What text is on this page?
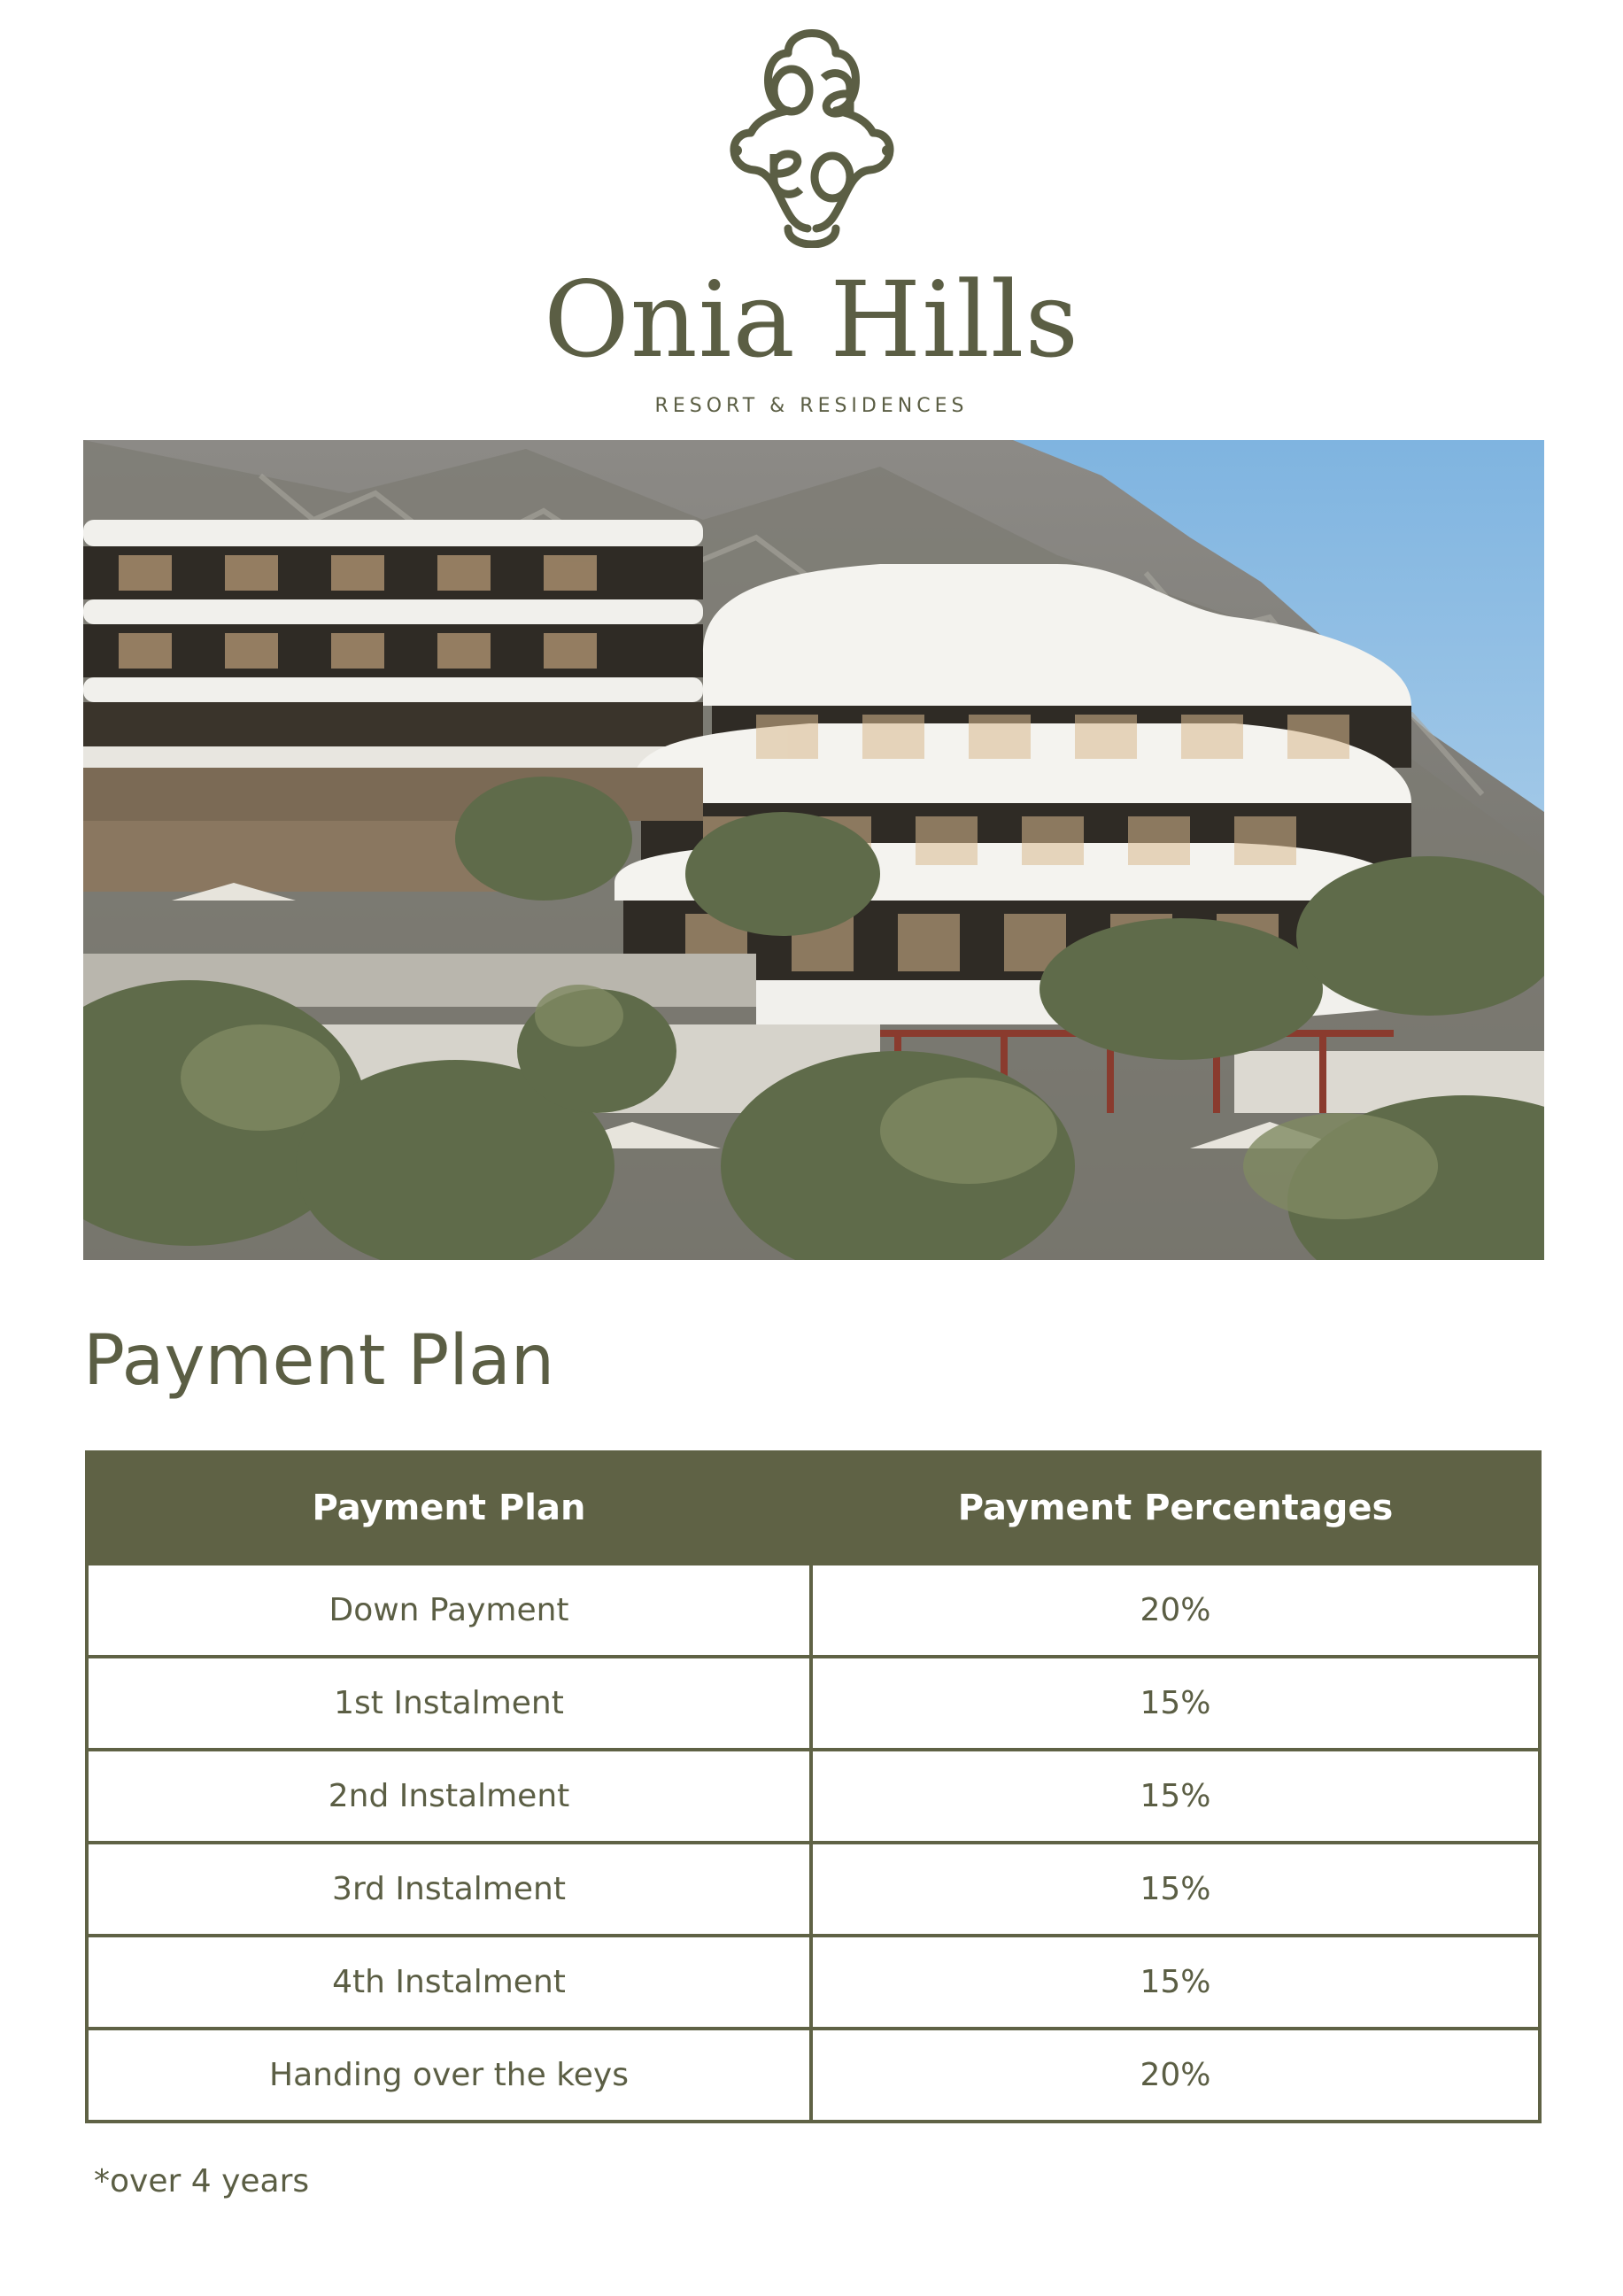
Onia Hills
RESORT & RESIDENCES
Payment Plan
Payment Plan	Payment Percentages
Down Payment	20%
1st Instalment	15%
2nd Instalment	15%
3rd Instalment	15%
4th Instalment	15%
Handing over the keys	20%
*over 4 years
